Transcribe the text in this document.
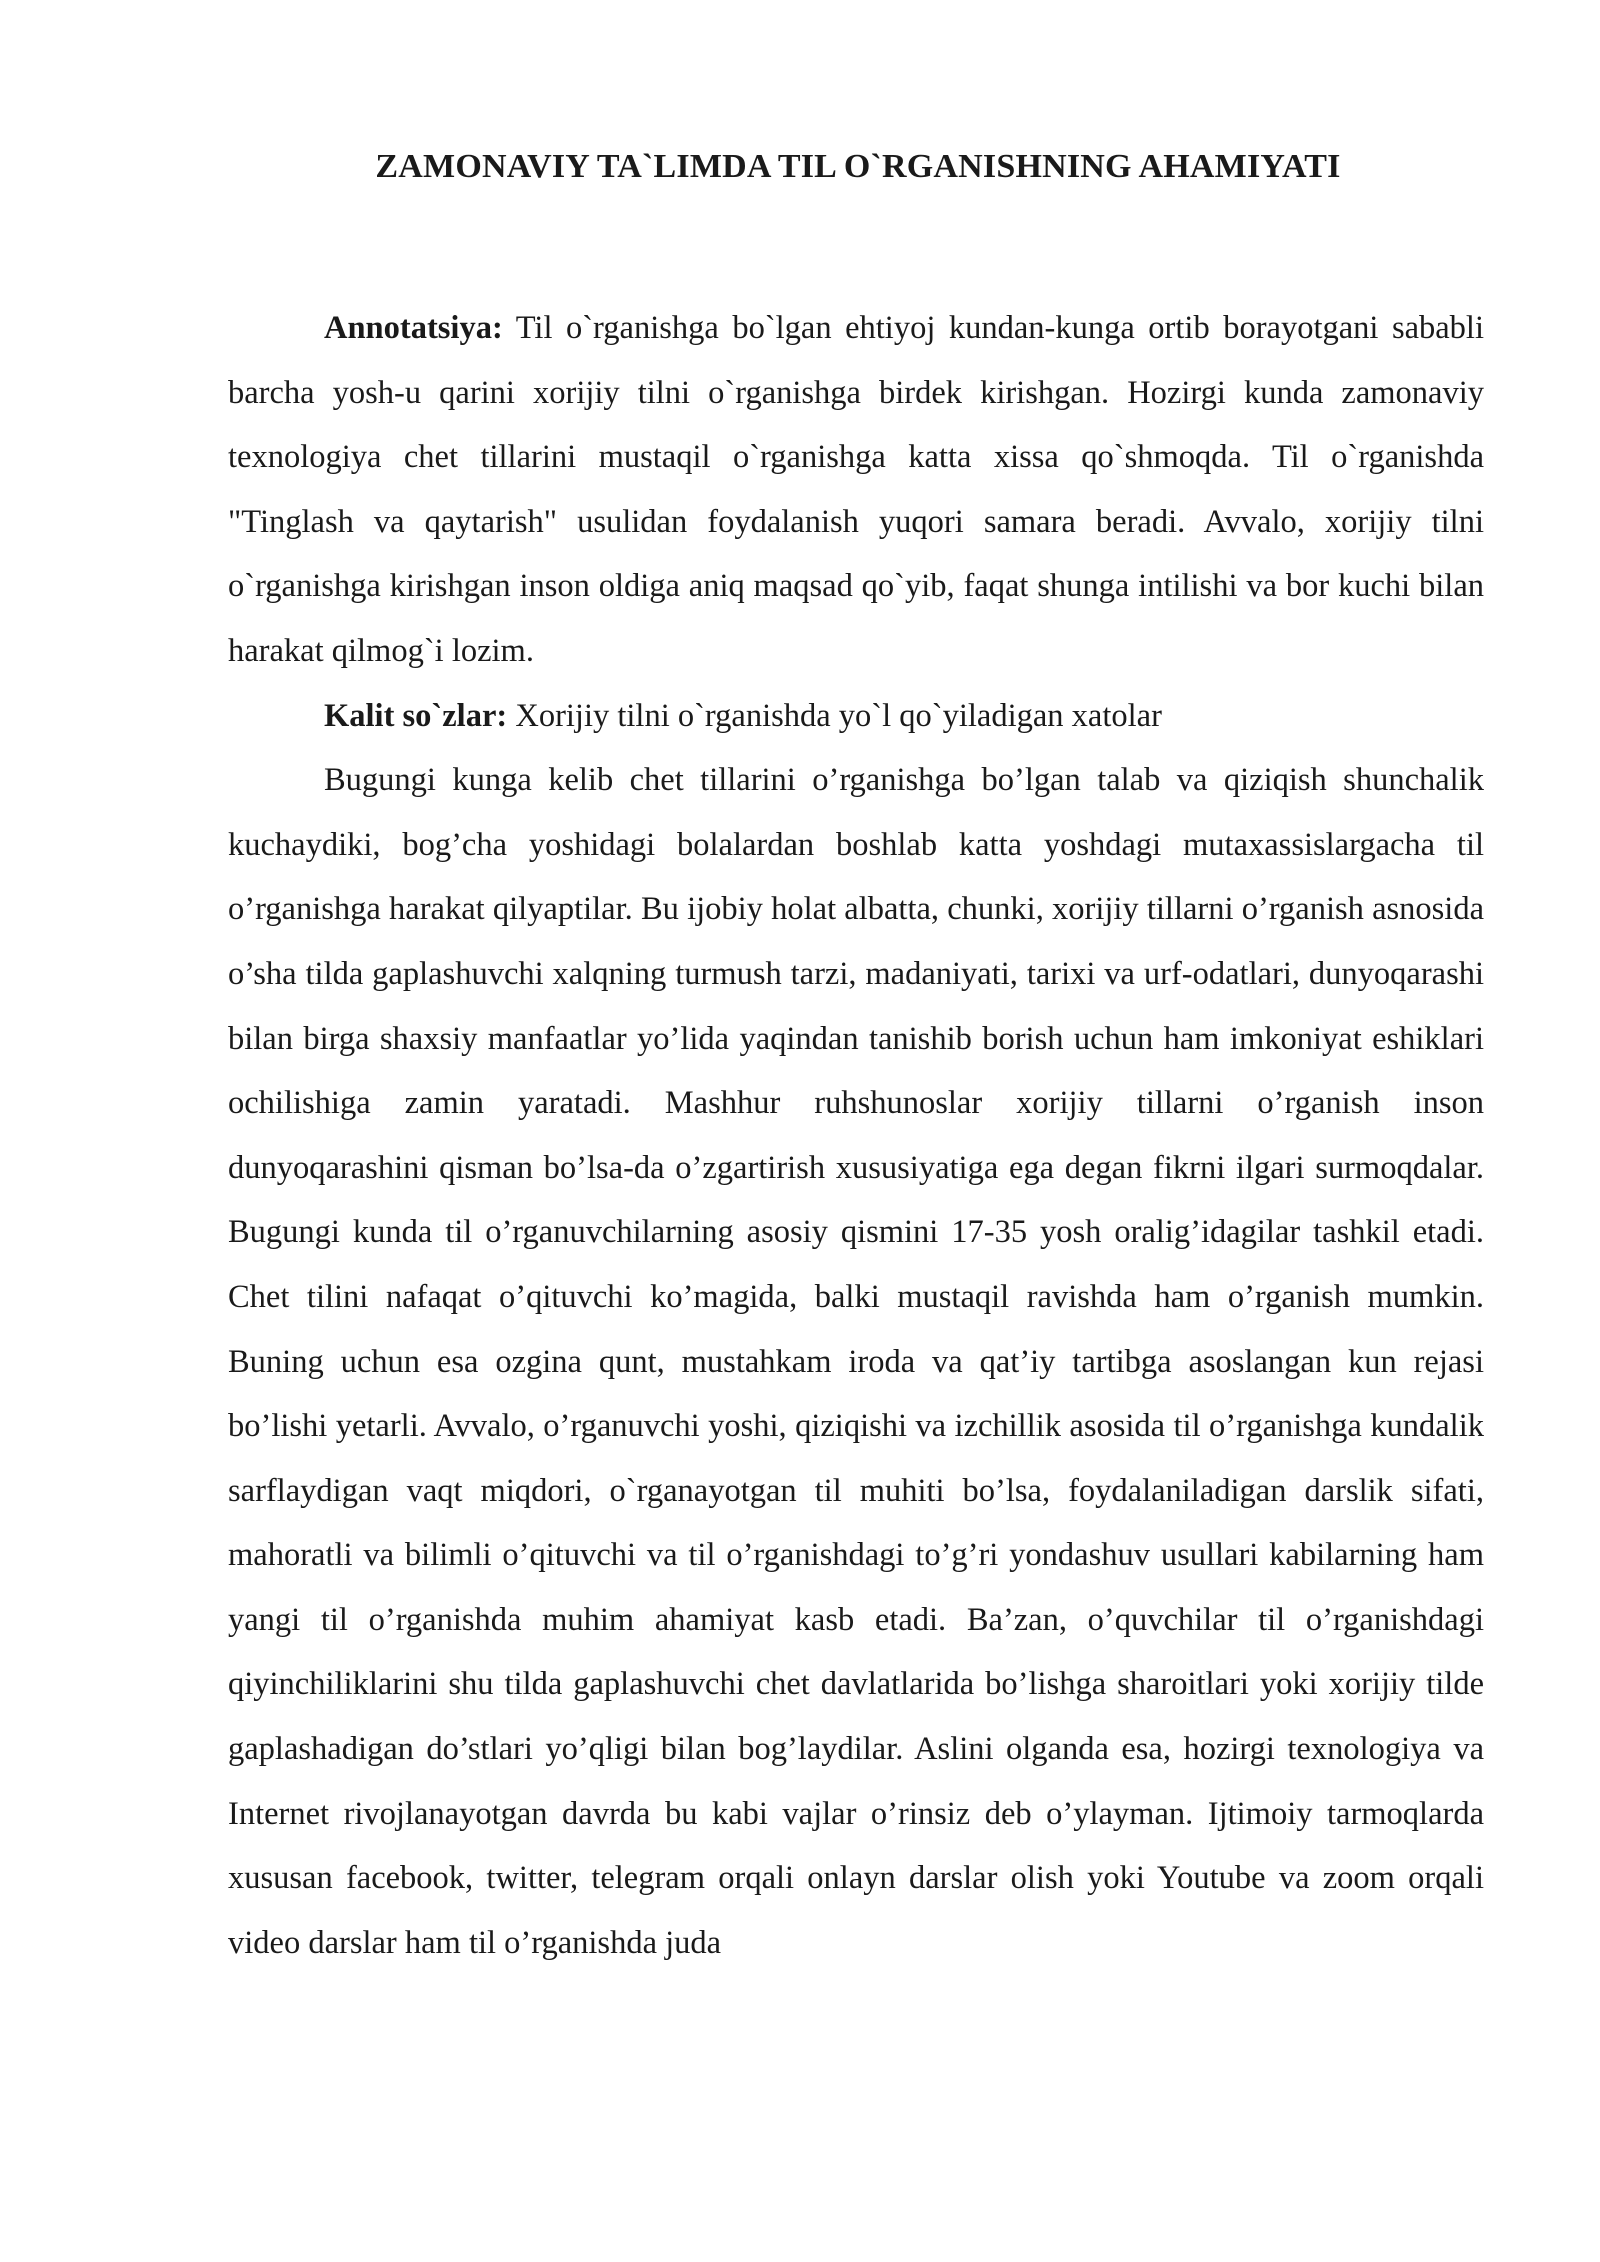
ZAMONAVIY TA`LIMDA TIL O`RGANISHNING AHAMIYATI

Annotatsiya: Til o`rganishga bo`lgan ehtiyoj kundan-kunga ortib borayotgani sababli barcha yosh-u qarini xorijiy tilni o`rganishga birdek kirishgan. Hozirgi kunda zamonaviy texnologiya chet tillarini mustaqil o`rganishga katta xissa qo`shmoqda. Til o`rganishda "Tinglash va qaytarish" usulidan foydalanish yuqori samara beradi. Avvalo, xorijiy tilni o`rganishga kirishgan inson oldiga aniq maqsad qo`yib, faqat shunga intilishi va bor kuchi bilan harakat qilmog`i lozim.

Kalit so`zlar: Xorijiy tilni o`rganishda yo`l qo`yiladigan xatolar

Bugungi kunga kelib chet tillarini o’rganishga bo’lgan talab va qiziqish shunchalik kuchaydiki, bog’cha yoshidagi bolalardan boshlab katta yoshdagi mutaxassislargacha til o’rganishga harakat qilyaptilar. Bu ijobiy holat albatta, chunki, xorijiy tillarni o’rganish asnosida o’sha tilda gaplashuvchi xalqning turmush tarzi, madaniyati, tarixi va urf-odatlari, dunyoqarashi bilan birga shaxsiy manfaatlar yo’lida yaqindan tanishib borish uchun ham imkoniyat eshiklari ochilishiga zamin yaratadi. Mashhur ruhshunoslar xorijiy tillarni o’rganish inson dunyoqarashini qisman bo’lsa-da o’zgartirish xususiyatiga ega degan fikrni ilgari surmoqdalar. Bugungi kunda til o’rganuvchilarning asosiy qismini 17-35 yosh oralig’idagilar tashkil etadi. Chet tilini nafaqat o’qituvchi ko’magida, balki mustaqil ravishda ham o’rganish mumkin. Buning uchun esa ozgina qunt, mustahkam iroda va qat’iy tartibga asoslangan kun rejasi bo’lishi yetarli. Avvalo, o’rganuvchi yoshi, qiziqishi va izchillik asosida til o’rganishga kundalik sarflaydigan vaqt miqdori, o`rganayotgan til muhiti bo’lsa, foydalaniladigan darslik sifati, mahoratli va bilimli o’qituvchi va til o’rganishdagi to’g’ri yondashuv usullari kabilarning ham yangi til o’rganishda muhim ahamiyat kasb etadi. Ba’zan, o’quvchilar til o’rganishdagi qiyinchiliklarini shu tilda gaplashuvchi chet davlatlarida bo’lishga sharoitlari yoki xorijiy tilde gaplashadigan do’stlari yo’qligi bilan bog’laydilar. Aslini olganda esa, hozirgi texnologiya va Internet rivojlanayotgan davrda bu kabi vajlar o’rinsiz deb o’ylayman. Ijtimoiy tarmoqlarda xususan facebook, twitter, telegram orqali onlayn darslar olish yoki Youtube va zoom orqali video darslar ham til o’rganishda juda
